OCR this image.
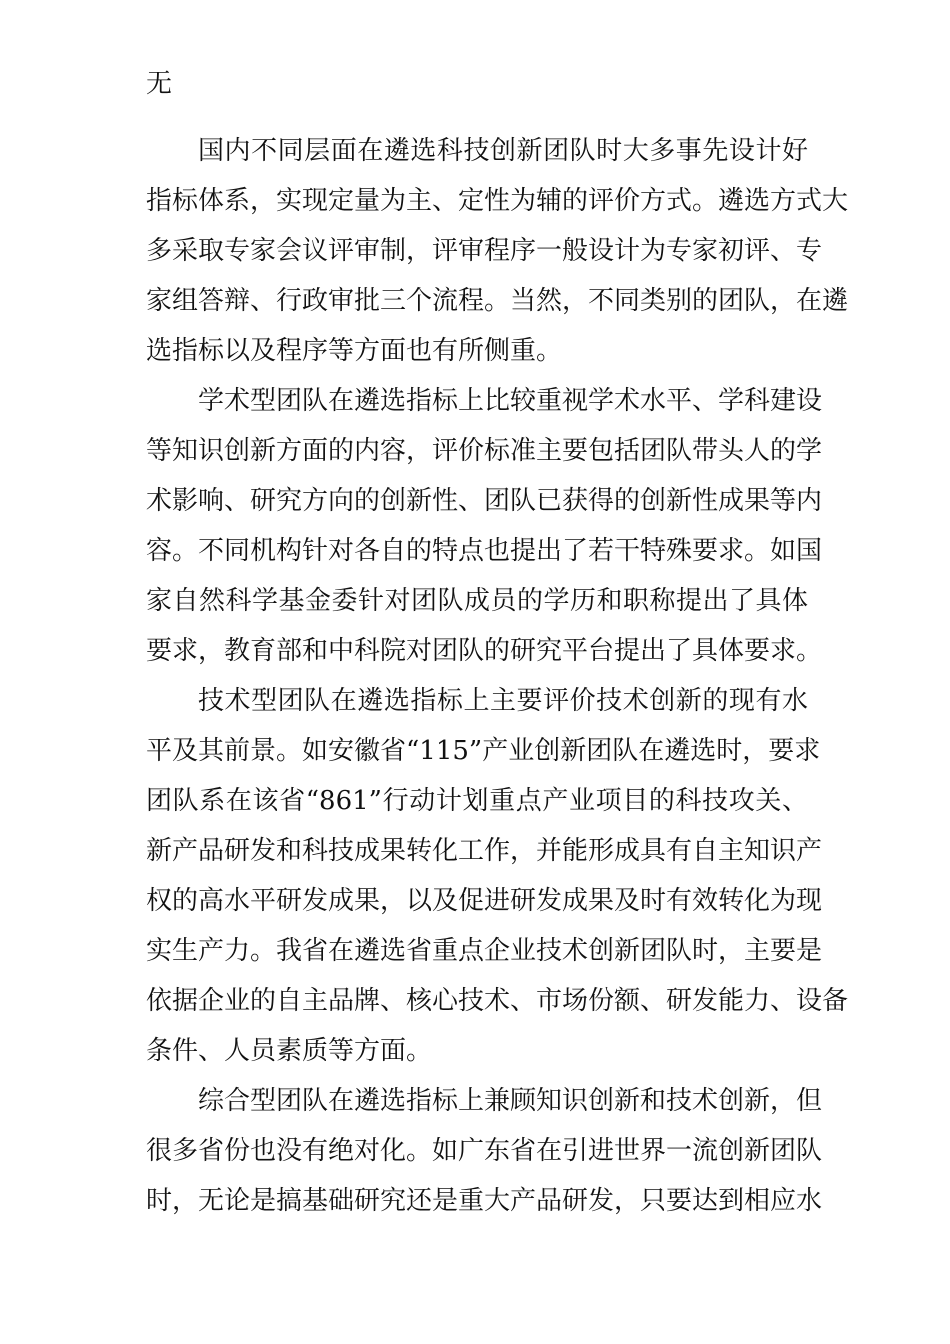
无
国内不同层面在遴选科技创新团队时大多事先设计好
指标体系，实现定量为主、定性为辅的评价方式。遴选方式大
多采取专家会议评审制，评审程序一般设计为专家初评、专
家组答辩、行政审批三个流程。当然，不同类别的团队，在遴
选指标以及程序等方面也有所侧重。
学术型团队在遴选指标上比较重视学术水平、学科建设
等知识创新方面的内容，评价标准主要包括团队带头人的学
术影响、研究方向的创新性、团队已获得的创新性成果等内
容。不同机构针对各自的特点也提出了若干特殊要求。如国
家自然科学基金委针对团队成员的学历和职称提出了具体
要求，教育部和中科院对团队的研究平台提出了具体要求。
技术型团队在遴选指标上主要评价技术创新的现有水
平及其前景。如安徽省“115”产业创新团队在遴选时，要求
团队系在该省“861”行动计划重点产业项目的科技攻关、
新产品研发和科技成果转化工作，并能形成具有自主知识产
权的高水平研发成果，以及促进研发成果及时有效转化为现
实生产力。我省在遴选省重点企业技术创新团队时，主要是
依据企业的自主品牌、核心技术、市场份额、研发能力、设备
条件、人员素质等方面。
综合型团队在遴选指标上兼顾知识创新和技术创新，但
很多省份也没有绝对化。如广东省在引进世界一流创新团队
时，无论是搞基础研究还是重大产品研发，只要达到相应水
